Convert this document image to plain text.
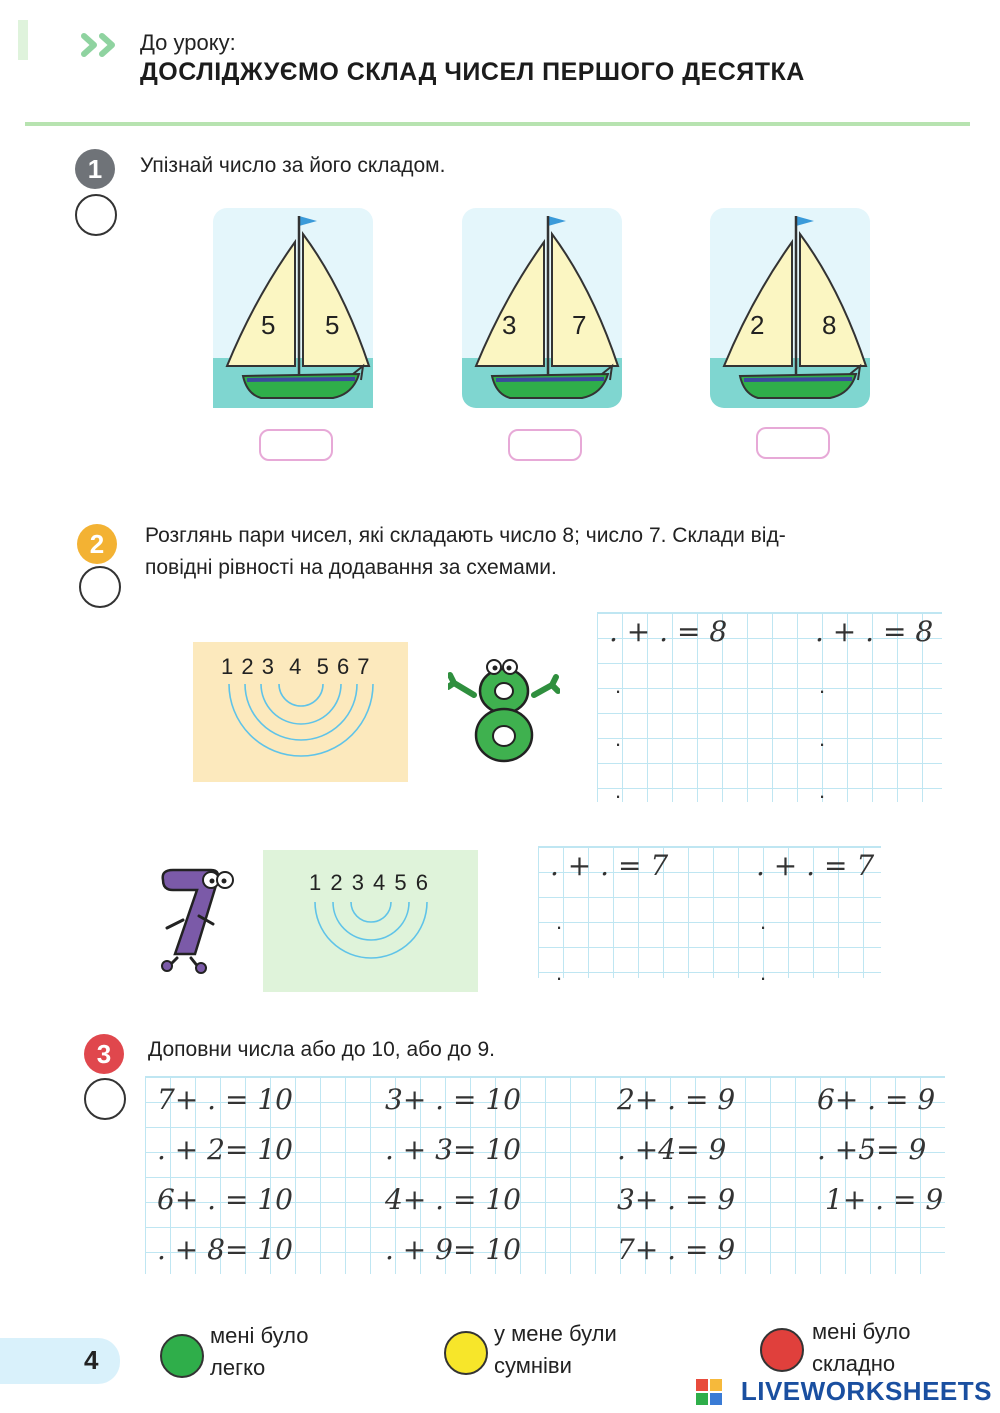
До уроку:
ДОСЛІДЖУЄМО СКЛАД ЧИСЕЛ ПЕРШОГО ДЕСЯТКА
1	Упізнай число за його складом.
5 5	3 7	2 8
2	Розглянь пари чисел, які складають число 8; число 7. Склади від-
повідні рівності на додавання за схемами.
1 2 3  4  5 6 7
. + . = 8	. + . = 8
.
.
.
.
.
.
1 2 3 4 5 6
. + . = 7	. + . = 7
.
.
.
.
3	Доповни числа або до 10, або до 9.
7+ . = 10	3+ . = 10	2+ . = 9	6+ . = 9
. + 2= 10	. + 3= 10	. +4= 9	. +5= 9
6+ . = 10	4+ . = 10	3+ . = 9	1+ . = 9
. + 8= 10	. + 9= 10	7+ . = 9
4
мені було
легко
у мене були
сумніви
мені було
складно
LIVEWORKSHEETS
